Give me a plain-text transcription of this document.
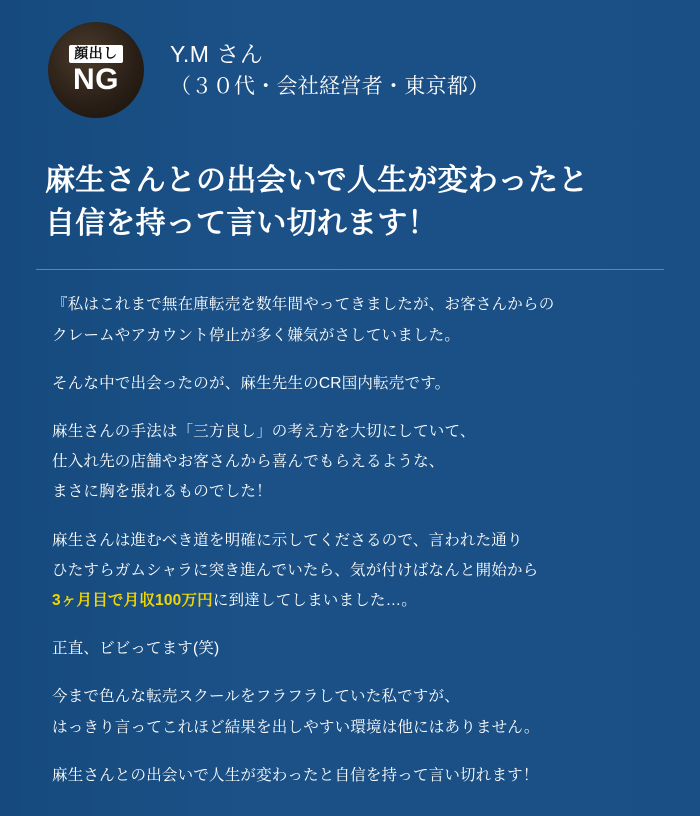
顔出し
NG
Y.M さん
（３０代・会社経営者・東京都）
麻生さんとの出会いで人生が変わったと
自信を持って言い切れます！

『私はこれまで無在庫転売を数年間やってきましたが、お客さんからの
クレームやアカウント停止が多く嫌気がさしていました。

そんな中で出会ったのが、麻生先生のCR国内転売です。

麻生さんの手法は「三方良し」の考え方を大切にしていて、
仕入れ先の店舗やお客さんから喜んでもらえるような、
まさに胸を張れるものでした！

麻生さんは進むべき道を明確に示してくださるので、言われた通り
ひたすらガムシャラに突き進んでいたら、気が付けばなんと開始から
3ヶ月目で月収100万円に到達してしまいました…。

正直、ビビってます(笑)

今まで色んな転売スクールをフラフラしていた私ですが、
はっきり言ってこれほど結果を出しやすい環境は他にはありません。

麻生さんとの出会いで人生が変わったと自信を持って言い切れます！
